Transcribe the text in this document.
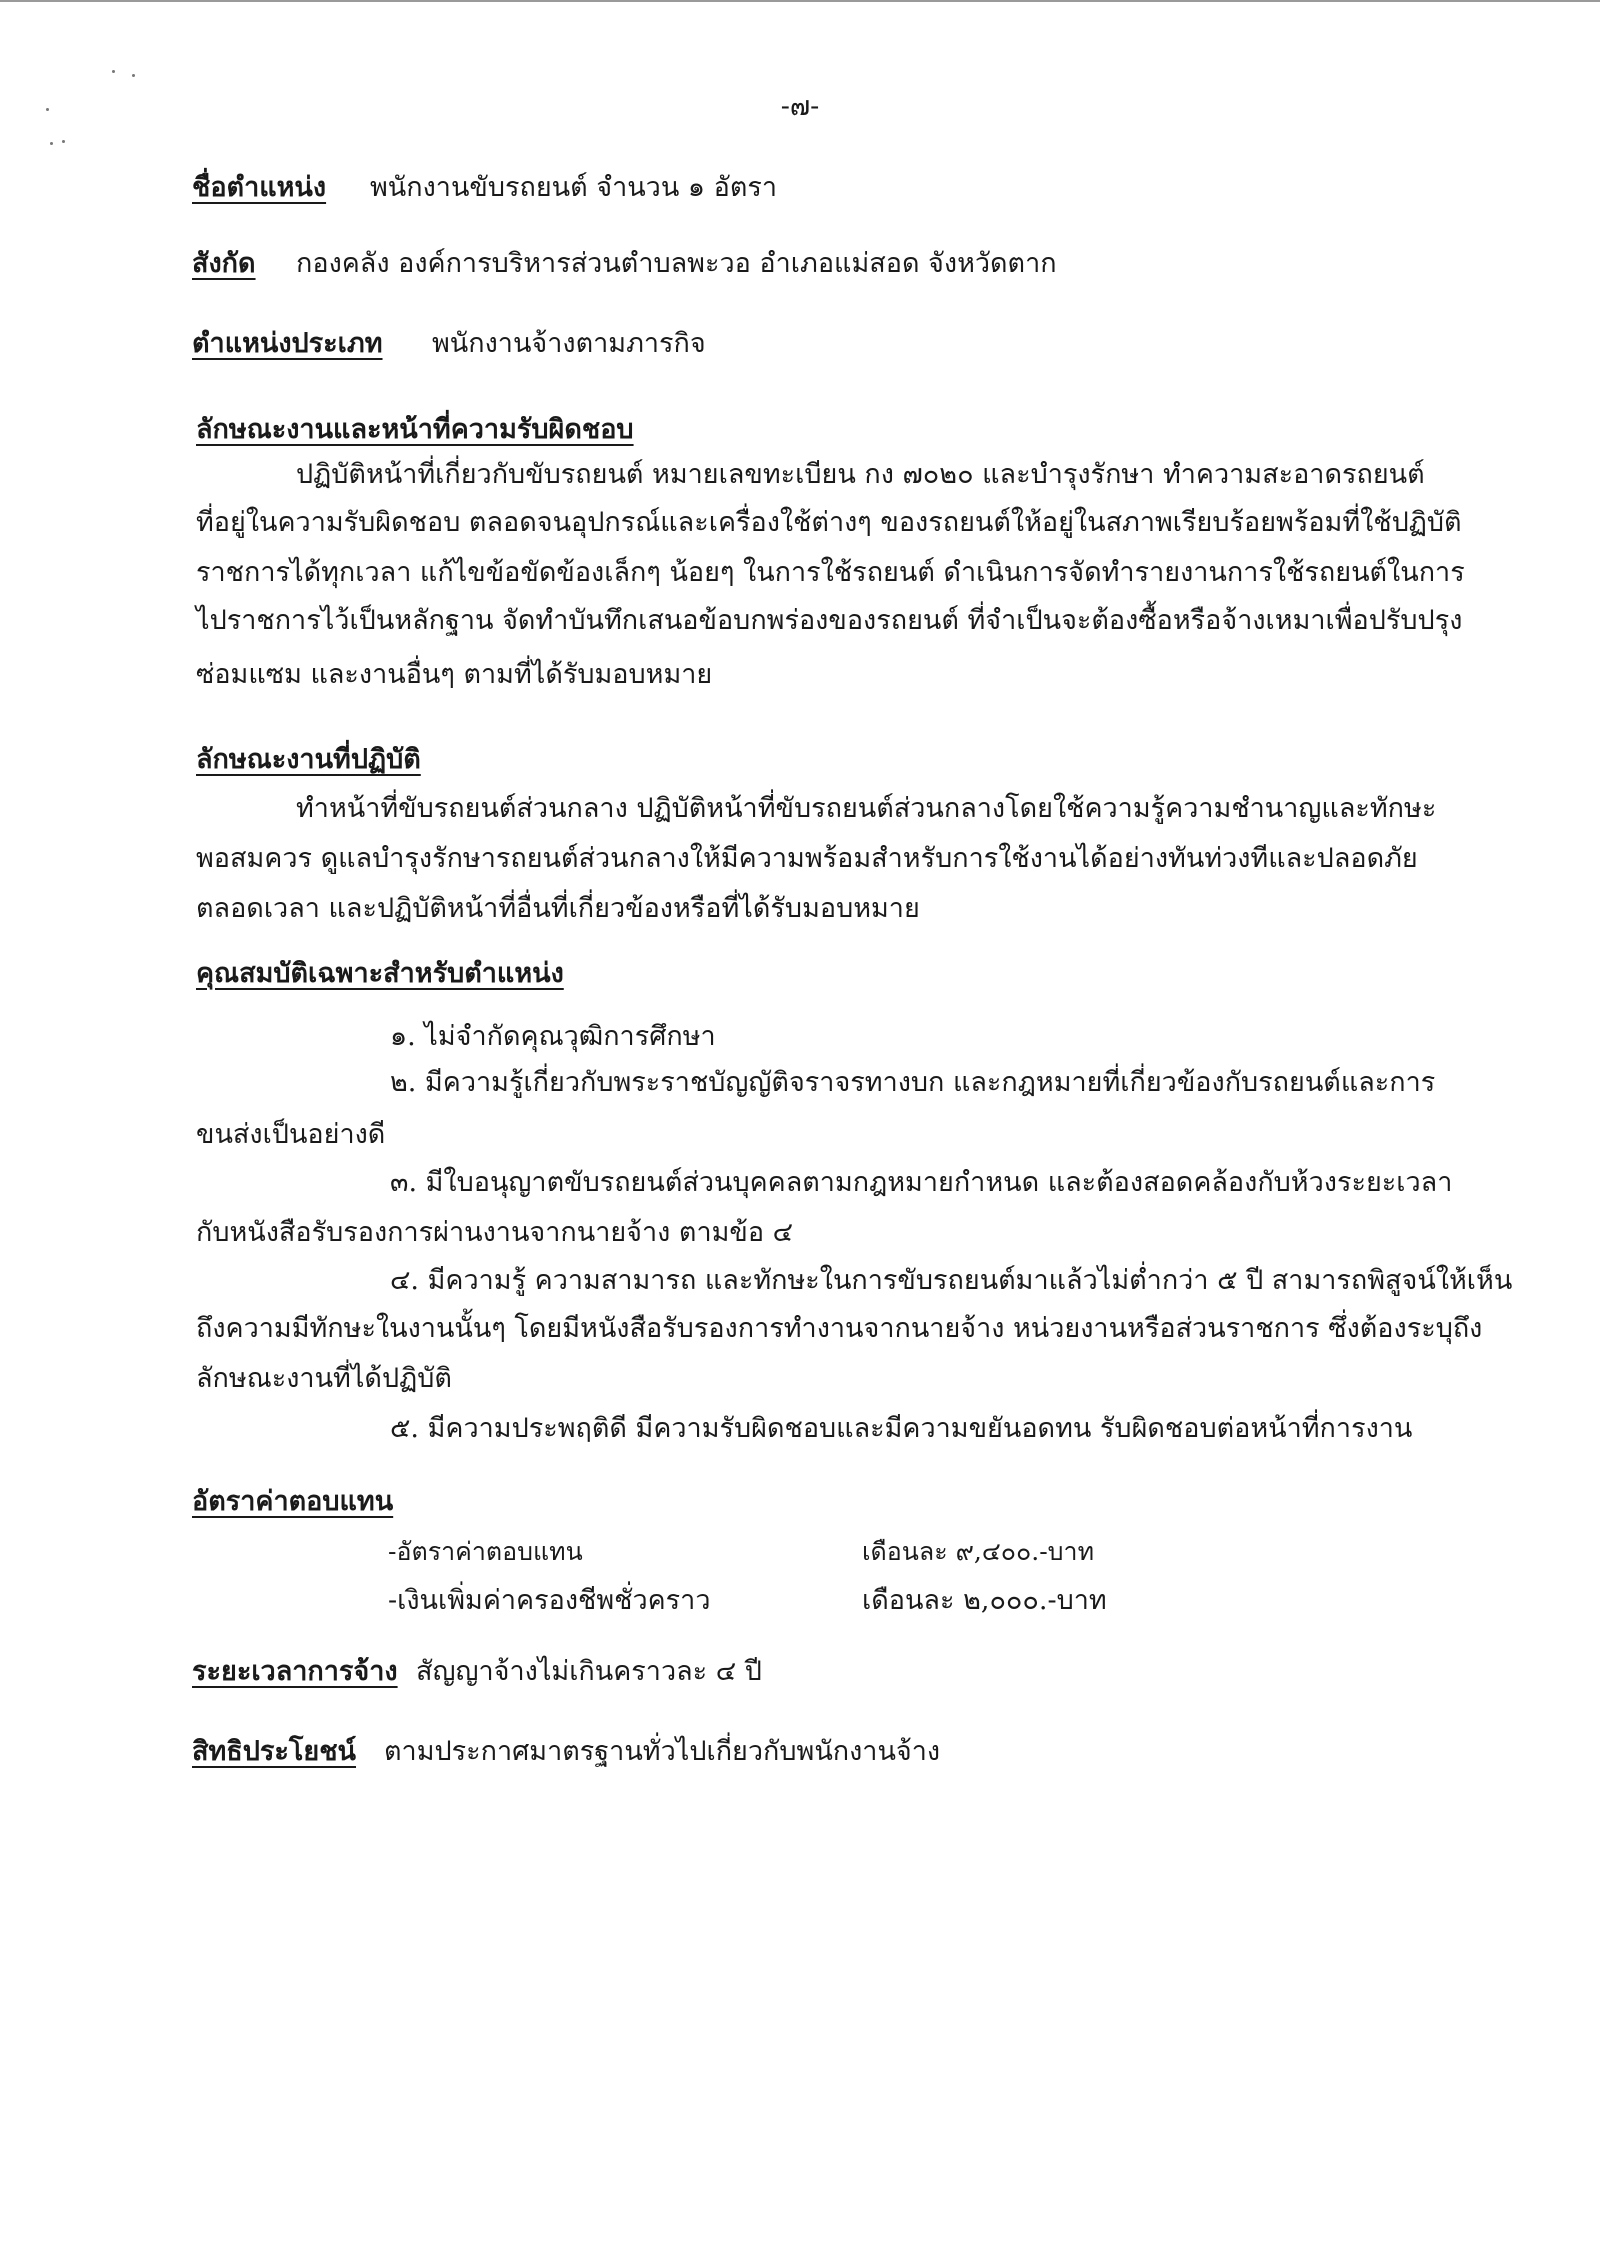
-๗-
ชื่อตำแหน่ง พนักงานขับรถยนต์ จำนวน ๑ อัตรา
สังกัด กองคลัง องค์การบริหารส่วนตำบลพะวอ อำเภอแม่สอด จังหวัดตาก
ตำแหน่งประเภท พนักงานจ้างตามภารกิจ
ลักษณะงานและหน้าที่ความรับผิดชอบ
ปฏิบัติหน้าที่เกี่ยวกับขับรถยนต์ หมายเลขทะเบียน กง ๗๐๒๐ และบำรุงรักษา ทำความสะอาดรถยนต์
ที่อยู่ในความรับผิดชอบ ตลอดจนอุปกรณ์และเครื่องใช้ต่างๆ ของรถยนต์ให้อยู่ในสภาพเรียบร้อยพร้อมที่ใช้ปฏิบัติ
ราชการได้ทุกเวลา แก้ไขข้อขัดข้องเล็กๆ น้อยๆ ในการใช้รถยนต์ ดำเนินการจัดทำรายงานการใช้รถยนต์ในการ
ไปราชการไว้เป็นหลักฐาน จัดทำบันทึกเสนอข้อบกพร่องของรถยนต์ ที่จำเป็นจะต้องซื้อหรือจ้างเหมาเพื่อปรับปรุง
ซ่อมแซม และงานอื่นๆ ตามที่ได้รับมอบหมาย
ลักษณะงานที่ปฏิบัติ
ทำหน้าที่ขับรถยนต์ส่วนกลาง ปฏิบัติหน้าที่ขับรถยนต์ส่วนกลางโดยใช้ความรู้ความชำนาญและทักษะ
พอสมควร ดูแลบำรุงรักษารถยนต์ส่วนกลางให้มีความพร้อมสำหรับการใช้งานได้อย่างทันท่วงทีและปลอดภัย
ตลอดเวลา และปฏิบัติหน้าที่อื่นที่เกี่ยวข้องหรือที่ได้รับมอบหมาย
คุณสมบัติเฉพาะสำหรับตำแหน่ง
๑. ไม่จำกัดคุณวุฒิการศึกษา
๒. มีความรู้เกี่ยวกับพระราชบัญญัติจราจรทางบก และกฎหมายที่เกี่ยวข้องกับรถยนต์และการ
ขนส่งเป็นอย่างดี
๓. มีใบอนุญาตขับรถยนต์ส่วนบุคคลตามกฎหมายกำหนด และต้องสอดคล้องกับห้วงระยะเวลา
กับหนังสือรับรองการผ่านงานจากนายจ้าง ตามข้อ ๔
๔. มีความรู้ ความสามารถ และทักษะในการขับรถยนต์มาแล้วไม่ต่ำกว่า ๕ ปี สามารถพิสูจน์ให้เห็น
ถึงความมีทักษะในงานนั้นๆ โดยมีหนังสือรับรองการทำงานจากนายจ้าง หน่วยงานหรือส่วนราชการ ซึ่งต้องระบุถึง
ลักษณะงานที่ได้ปฏิบัติ
๕. มีความประพฤติดี มีความรับผิดชอบและมีความขยันอดทน รับผิดชอบต่อหน้าที่การงาน
อัตราค่าตอบแทน
-อัตราค่าตอบแทน	เดือนละ ๙,๔๐๐.-บาท
-เงินเพิ่มค่าครองชีพชั่วคราว	เดือนละ ๒,๐๐๐.-บาท
ระยะเวลาการจ้าง สัญญาจ้างไม่เกินคราวละ ๔ ปี
สิทธิประโยชน์ ตามประกาศมาตรฐานทั่วไปเกี่ยวกับพนักงานจ้าง
